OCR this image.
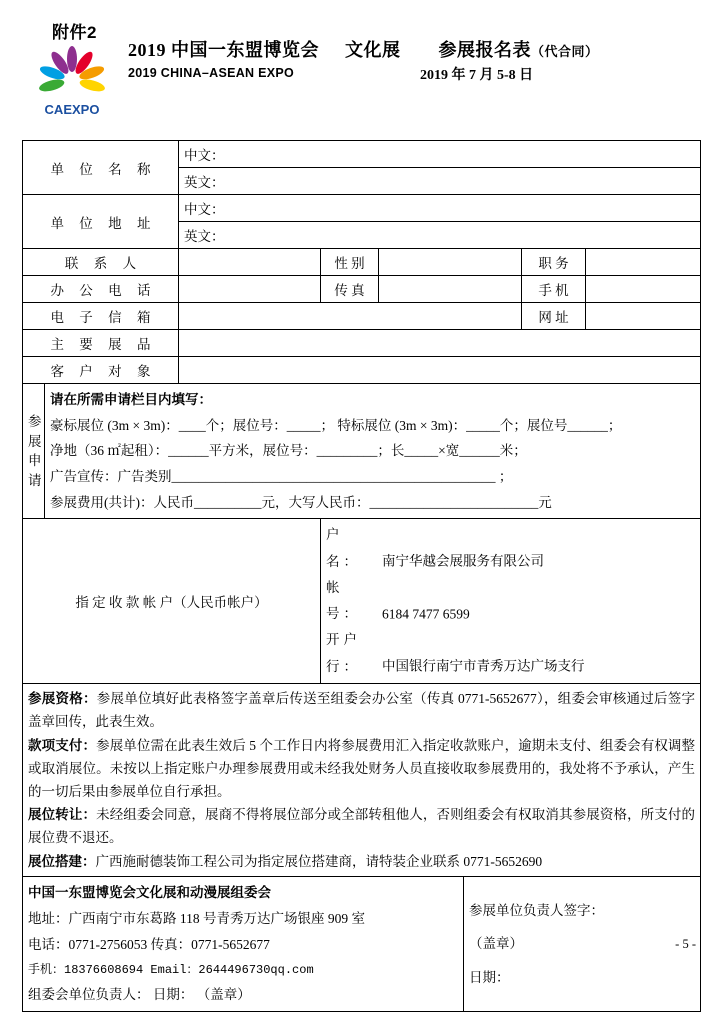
附件2
CAEXPO
2019 中国一东盟博览会 文化展 参展报名表（代合同）
2019 CHINA–ASEAN EXPO	2019 年 7 月 5-8 日
单 位 名 称		中文：					
		英文：					
单 位 地 址		中文：					
		英文：					
联 系 人			性 别			职 务	
办 公 电 话			传 真			手 机	
电 子 信 箱						网 址	
主 要 展 品							
客 户 对 象							
参 展 申 请	请在所需申请栏目内填写：
豪标展位 (3m × 3m)：____个；展位号：_____； 特标展位 (3m × 3m)：_____个；展位号______；
净地（36 ㎡起租）：______平方米，展位号：_________；长_____×宽______米；
广告宣传：广告类别________________________________________________ ；
参展费用(共计)：人民币__________元，大写人民币：_________________________元						

指 定 收 款 帐 户（人民币帐户）			户　名： 南宁华越会展服务有限公司
帐　号： 6184 7477 6599
开户行： 中国银行南宁市青秀万达广场支行				

参展资格：参展单位填好此表格签字盖章后传送至组委会办公室（传真 0771-5652677），组委会审核通过后签字盖章回传，此表生效。
款项支付：参展单位需在此表生效后 5 个工作日内将参展费用汇入指定收款账户，逾期未支付、组委会有权调整或取消展位。未按以上指定账户办理参展费用或未经我处财务人员直接收取参展费用的，我处将不予承认，产生的一切后果由参展单位自行承担。
展位转让：未经组委会同意，展商不得将展位部分或全部转租他人，否则组委会有权取消其参展资格，所支付的展位费不退还。
展位搭建：广西施耐德装饰工程公司为指定展位搭建商，请特装企业联系 0771-5652690							

中国一东盟博览会文化展和动漫展组委会
地址：广西南宁市东葛路 118 号青秀万达广场银座 909 室
电话：0771-2756053 传真：0771-5652677
手机：18376608694 Email：2644496730qq.com
组委会单位负责人： 日期： （盖章）

参展单位负责人签字：
（盖章）
日期：
- 5 -
